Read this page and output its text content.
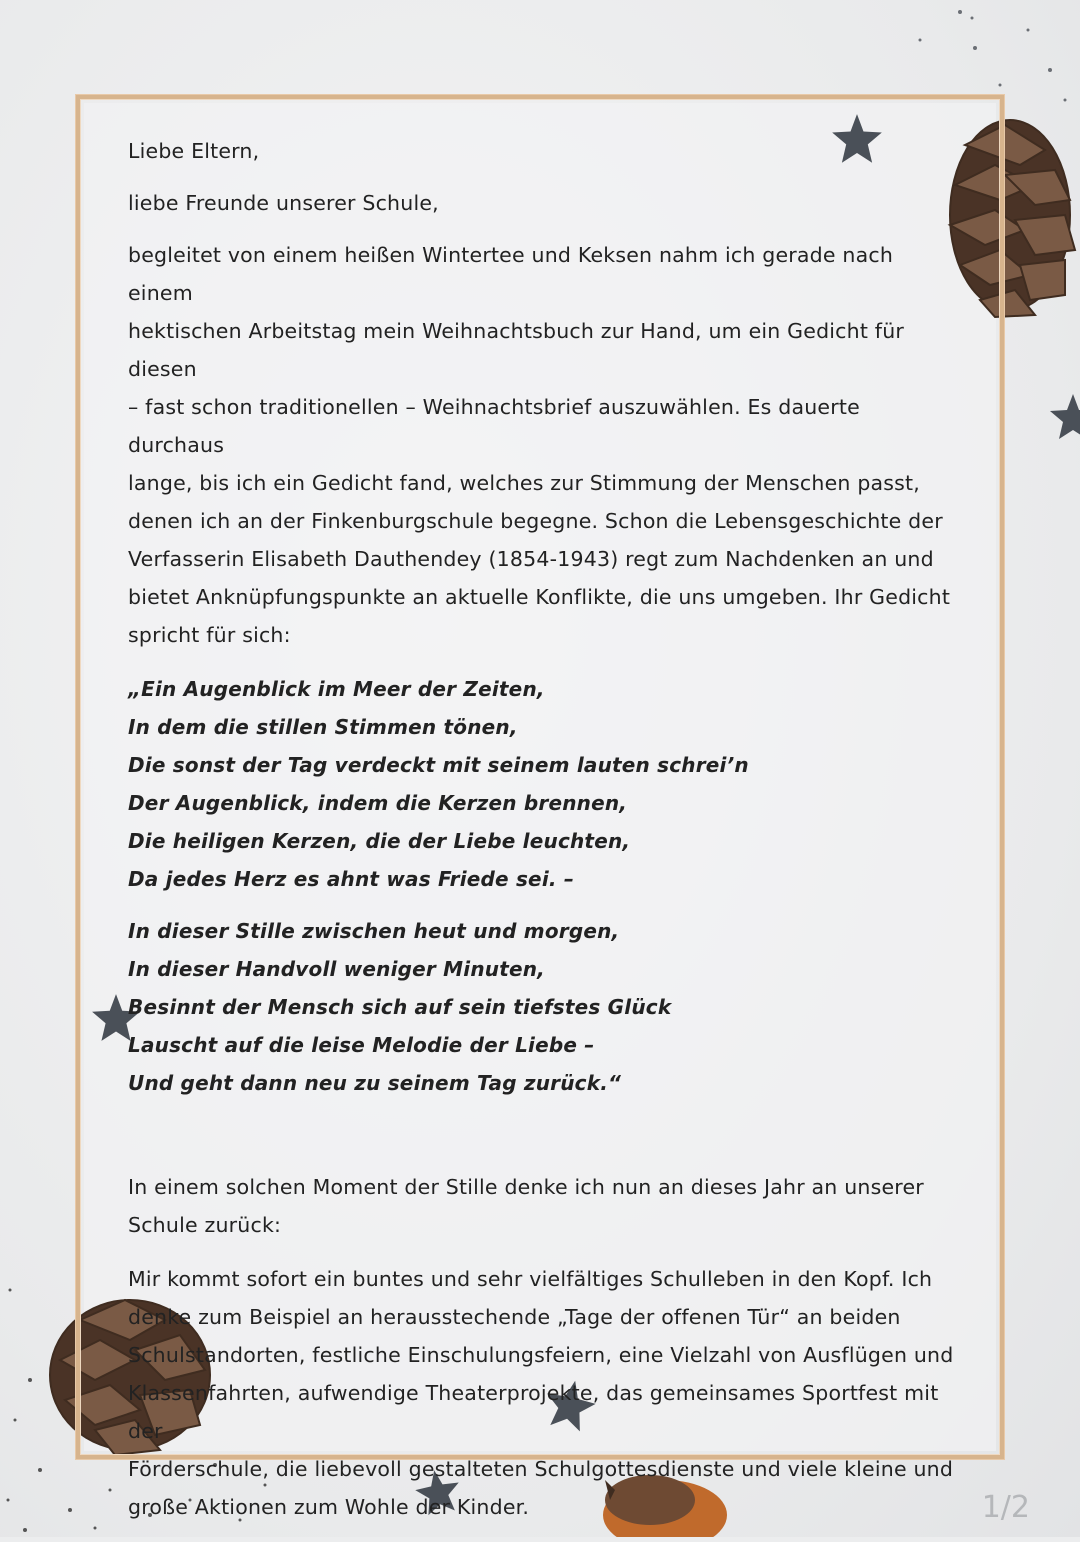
Liebe Eltern,

liebe Freunde unserer Schule,

begleitet von einem heißen Wintertee und Keksen nahm ich gerade nach einem

hektischen Arbeitstag mein Weihnachtsbuch zur Hand, um ein Gedicht für diesen

– fast schon traditionellen – Weihnachtsbrief auszuwählen. Es dauerte durchaus

lange, bis ich ein Gedicht fand, welches zur Stimmung der Menschen passt,

denen ich an der Finkenburgschule begegne. Schon die Lebensgeschichte der

Verfasserin Elisabeth Dauthendey (1854-1943) regt zum Nachdenken an und

bietet Anknüpfungspunkte an aktuelle Konflikte, die uns umgeben. Ihr Gedicht

spricht für sich:

„Ein Augenblick im Meer der Zeiten,

In dem die stillen Stimmen tönen,

Die sonst der Tag verdeckt mit seinem lauten schrei’n

Der Augenblick, indem die Kerzen brennen,

Die heiligen Kerzen, die der Liebe leuchten,

Da jedes Herz es ahnt was Friede sei. –

In dieser Stille zwischen heut und morgen,

In dieser Handvoll weniger Minuten,

Besinnt der Mensch sich auf sein tiefstes Glück

Lauscht auf die leise Melodie der Liebe –

Und geht dann neu zu seinem Tag zurück.“

In einem solchen Moment der Stille denke ich nun an dieses Jahr an unserer

Schule zurück:

Mir kommt sofort ein buntes und sehr vielfältiges Schulleben in den Kopf. Ich

denke zum Beispiel an herausstechende „Tage der offenen Tür“ an beiden

Schulstandorten, festliche Einschulungsfeiern, eine Vielzahl von Ausflügen und

Klassenfahrten, aufwendige Theaterprojekte, das gemeinsames Sportfest mit der

Förderschule, die liebevoll gestalteten Schulgottesdienste und viele kleine und

große Aktionen zum Wohle der Kinder.	1/2
